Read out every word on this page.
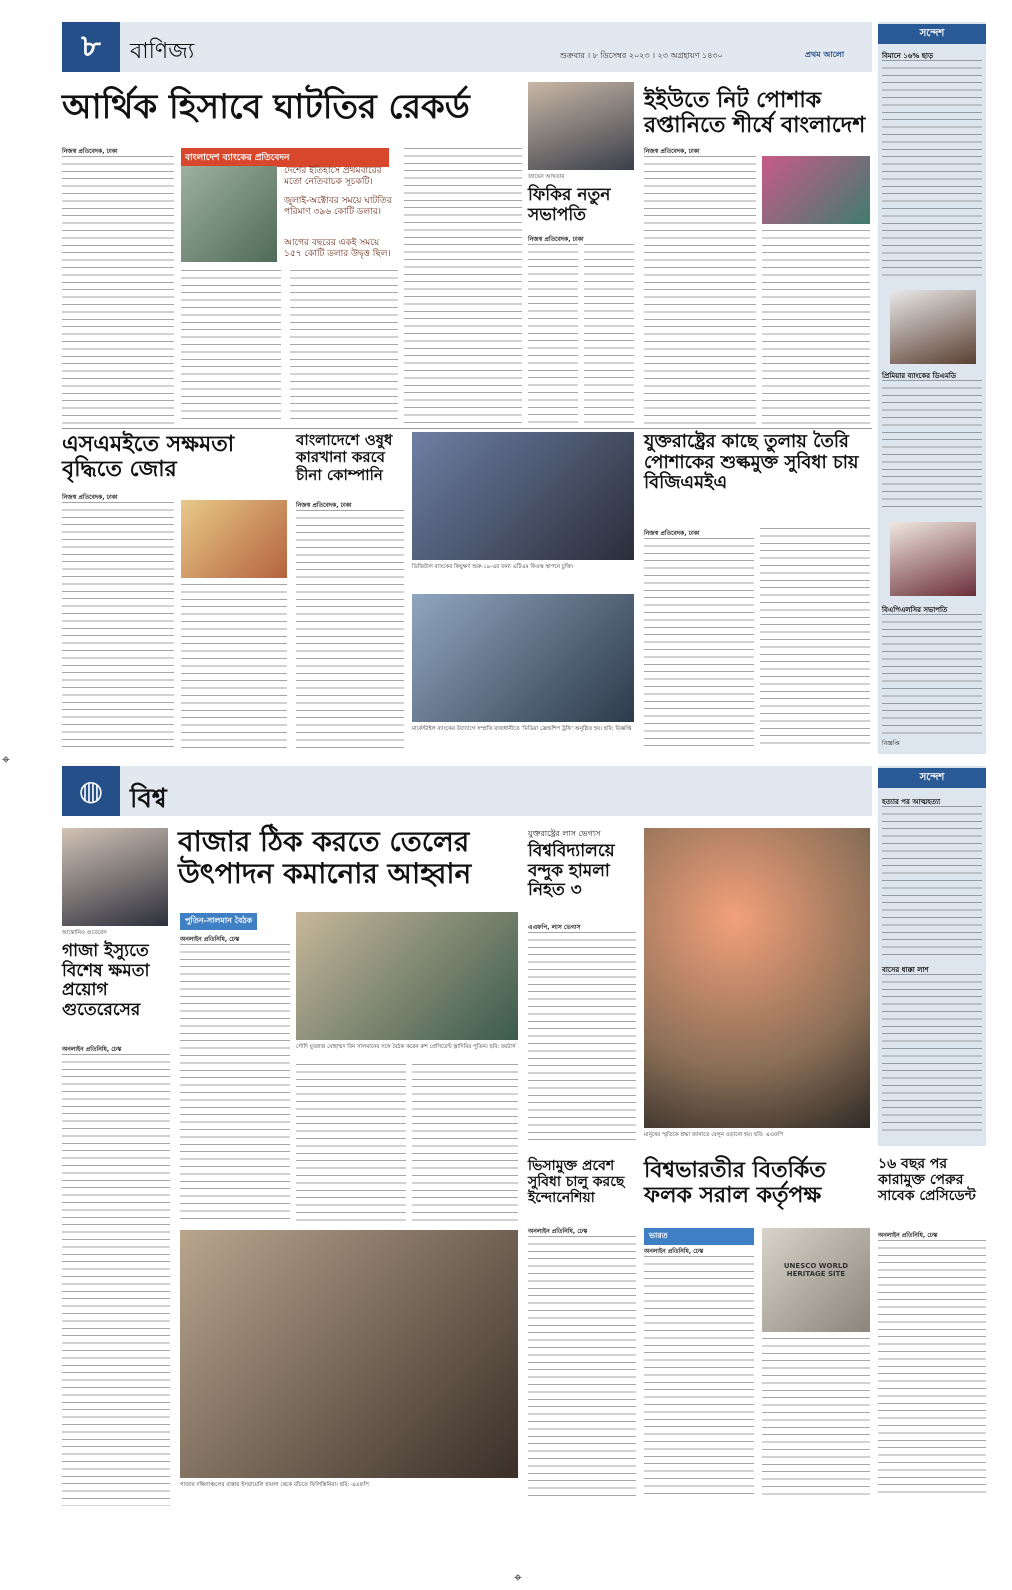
৮	বাণিজ্য	শুক্রবার । ৮ ডিসেম্বর ২০২৩ । ২৩ অগ্রহায়ণ ১৪৩০	প্রথম আলো
আর্থিক হিসাবে ঘাটতির রেকর্ড
নিজস্ব প্রতিবেদক, ঢাকা
বাংলাদেশ ব্যাংকের প্রতিবেদন
দেশের ইতিহাসে প্রথমবারের মতো নেতিবাচক সূচকটি।
জুলাই-অক্টোবর সময়ে ঘাটতির পরিমাণ ৩৯৬ কোটি ডলার।
আগের বছরের একই সময়ে ১৫৭ কোটি ডলার উদ্বৃত্ত ছিল।
জাভেদ আখতার
ফিকির নতুন সভাপতি
নিজস্ব প্রতিবেদক, ঢাকা
ইইউতে নিট পোশাক রপ্তানিতে শীর্ষে বাংলাদেশ
নিজস্ব প্রতিবেদক, ঢাকা
এসএমইতে সক্ষমতা বৃদ্ধিতে জোর
নিজস্ব প্রতিবেদক, ঢাকা
বাংলাদেশে ওষুধ কারখানা করবে চীনা কোম্পানি
নিজস্ব প্রতিবেদক, ঢাকা
ডিজিটাল ব্যাংকের কিছুক্ষণ শুরু-১৯-এর জন্য এটিএম কিওস্ক স্থাপনে চুক্তি।
মার্কেন্টাইল ব্যাংকের উদ্যোগে সম্প্রতি রাজধানীতে ‘মিডিয়া ফ্রেন্ডশিপ ট্রফি’ অনুষ্ঠিত হয়। ছবি: বিজ্ঞপ্তি
যুক্তরাষ্ট্রের কাছে তুলায় তৈরি পোশাকের শুল্কমুক্ত সুবিধা চায় বিজিএমইএ
নিজস্ব প্রতিবেদক, ঢাকা
সন্দেশ
বিমানে ১৬% ছাড়
প্রিমিয়ার ব্যাংকের ডিএমডি
বিএপিএলসির সভাপতি
বিজ্ঞপ্তি
⌖
◍	বিশ্ব
আন্তোনিও গুতেরেস
গাজা ইস্যুতে বিশেষ ক্ষমতা প্রয়োগ গুতেরেসের
অনলাইন প্রতিনিধি, ঢেস্ক
বাজার ঠিক করতে তেলের উৎপাদন কমানোর আহ্বান
পুতিন-সালমান বৈঠক
অনলাইন প্রতিনিধি, ঢেস্ক
সৌদি যুবরাজ মোহাম্মদ বিন সালমানের সঙ্গে বৈঠক করেন রুশ প্রেসিডেন্ট ভ্লাদিমির পুতিন। ছবি: রয়টার্স
যুক্তরাষ্ট্রের লাস ভেগাস
বিশ্ববিদ্যালয়ে বন্দুক হামলা নিহত ৩
এএফপি, লাস ভেগাস
মানুষের স্মৃতিকে শ্রদ্ধা জানাতে বেলুন ওড়ানো হয়। ছবি: এএফপি
গাজার দক্ষিণাঞ্চলের রাস্তায় ইসরায়েলি হামলা থেকে বাঁচতে ফিলিস্তিনিরা। ছবি: এএফপি
ভিসামুক্ত প্রবেশ সুবিধা চালু করছে ইন্দোনেশিয়া
অনলাইন প্রতিনিধি, ঢেস্ক
বিশ্বভারতীর বিতর্কিত ফলক সরাল কর্তৃপক্ষ
ভারত
অনলাইন প্রতিনিধি, ঢেস্ক
UNESCO WORLD HERITAGE SITE
সন্দেশ
হত্যার পর আত্মহত্যা
বাসের ধাক্কা লাশ
১৬ বছর পর কারামুক্ত পেরুর সাবেক প্রেসিডেন্ট
অনলাইন প্রতিনিধি, ঢেস্ক
⌖
